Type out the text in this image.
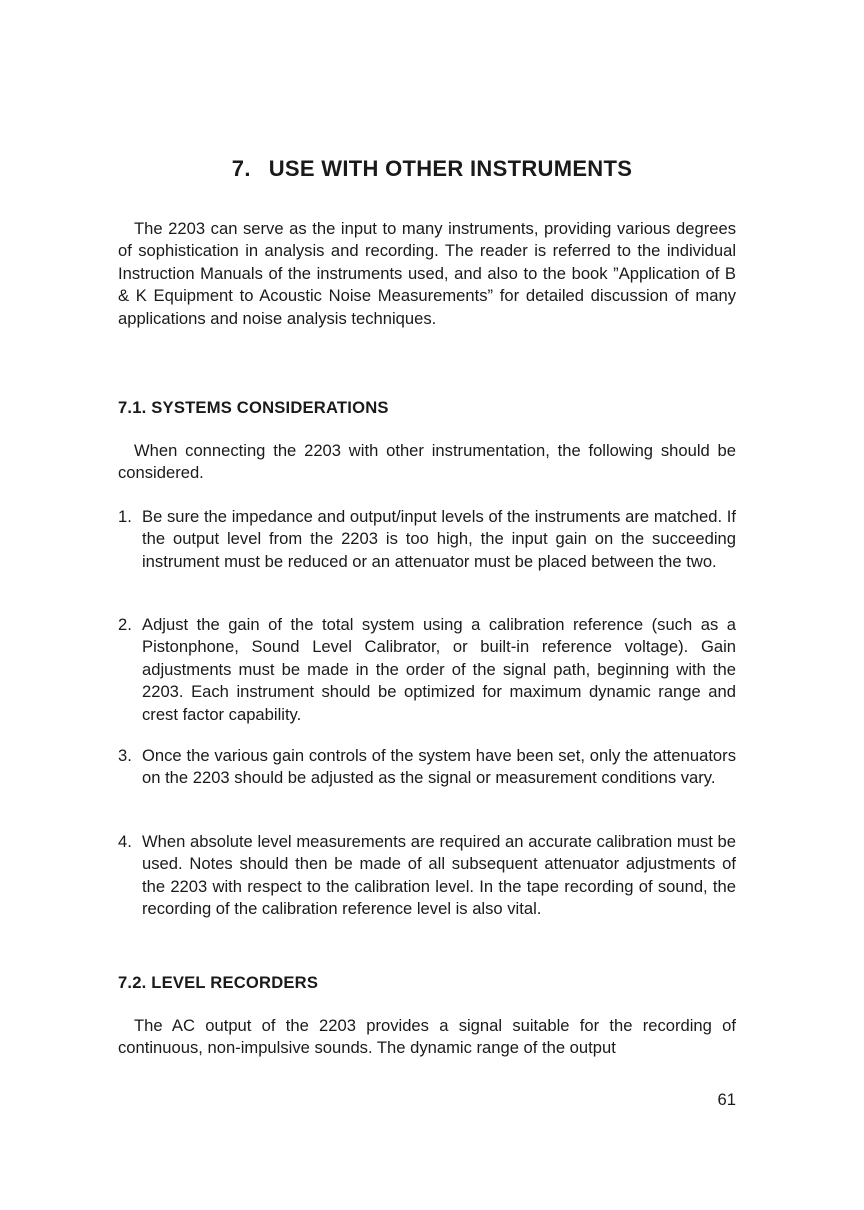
7. USE WITH OTHER INSTRUMENTS

The 2203 can serve as the input to many instruments, providing various degrees of sophistication in analysis and recording. The reader is referred to the individual Instruction Manuals of the instruments used, and also to the book ”Application of B & K Equipment to Acoustic Noise Measurements” for detailed discussion of many applications and noise analysis techniques.

7.1. SYSTEMS CONSIDERATIONS

When connecting the 2203 with other instrumentation, the following should be considered.

1. Be sure the impedance and output/input levels of the instruments are matched. If the output level from the 2203 is too high, the input gain on the succeeding instrument must be reduced or an attenuator must be placed between the two.
2. Adjust the gain of the total system using a calibration reference (such as a Pistonphone, Sound Level Calibrator, or built-in reference voltage). Gain adjustments must be made in the order of the signal path, beginning with the 2203. Each instrument should be optimized for maximum dynamic range and crest factor capability.
3. Once the various gain controls of the system have been set, only the attenuators on the 2203 should be adjusted as the signal or measurement conditions vary.
4. When absolute level measurements are required an accurate calibration must be used. Notes should then be made of all subsequent attenuator adjustments of the 2203 with respect to the calibration level. In the tape recording of sound, the recording of the calibration reference level is also vital.
7.2. LEVEL RECORDERS

The AC output of the 2203 provides a signal suitable for the recording of continuous, non-impulsive sounds. The dynamic range of the output

61
